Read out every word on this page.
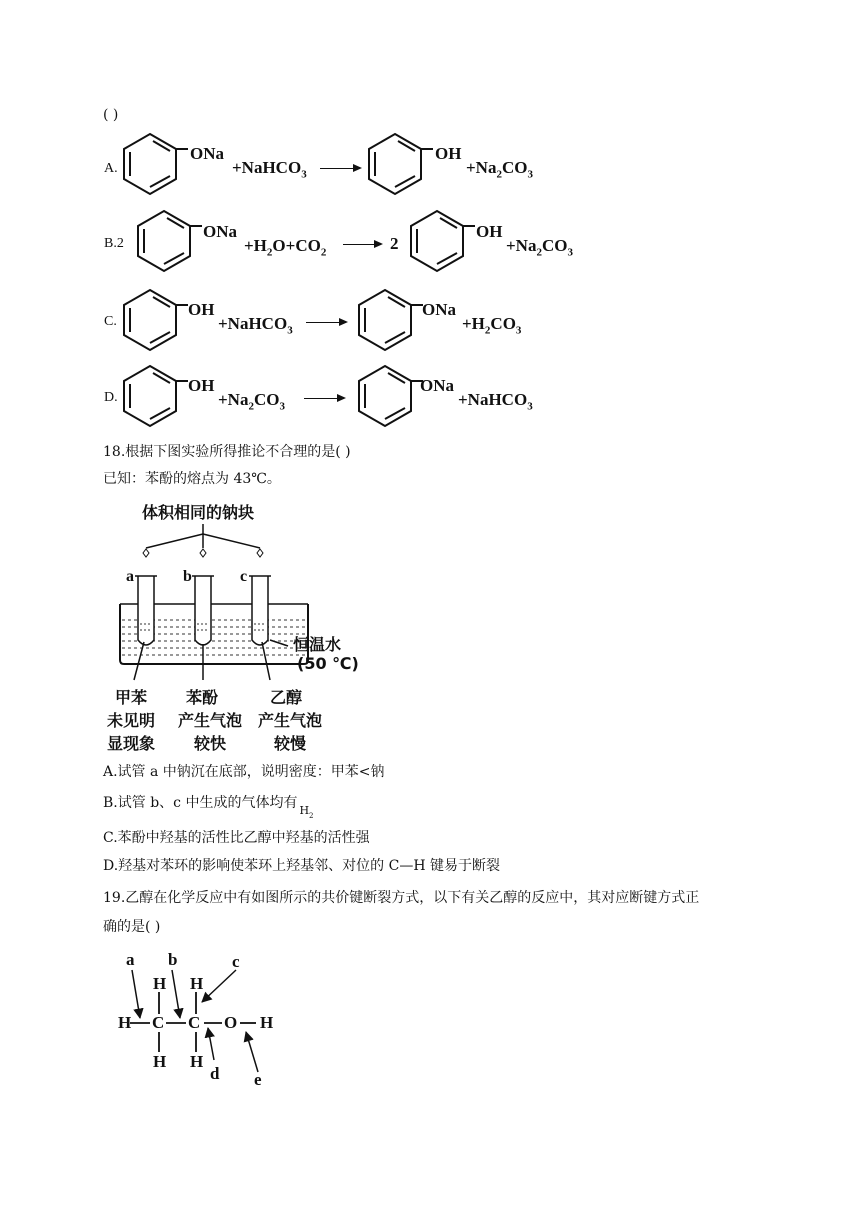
( )
A.
ONa
+NaHCO$_3$ →
OH
$+Na_2CO_3$
B.2
ONa
$+H_2O+CO_2 \to 2$
OH
$+Na_2CO_3$
C.
OH
+NaHCO$_3$
ONa
$+H_2CO_3$
D.
OH
$+Na_2CO_3$
ONa
+NaHCO$_3$
18.根据下图实验所得推论不合理的是( )
已知：苯酚的熔点为 43℃。
体积相同的钠块
a	b	c
恒温水
(50 ℃)
甲苯
未见明
显现象
苯酚
产生气泡
较快
乙醇
产生气泡
较慢
A.试管 a 中钠沉在底部，说明密度：甲苯<钠
B.试管 b、c 中生成的气体均有 $_{H2}$
C.苯酚中羟基的活性比乙醇中羟基的活性强
D.羟基对苯环的影响使苯环上羟基邻、对位的 C—H 键易于断裂
19.乙醇在化学反应中有如图所示的共价键断裂方式，以下有关乙醇的反应中，其对应断键方式正
确的是( )
a b	c
d e
H C C O H
H H
H H
